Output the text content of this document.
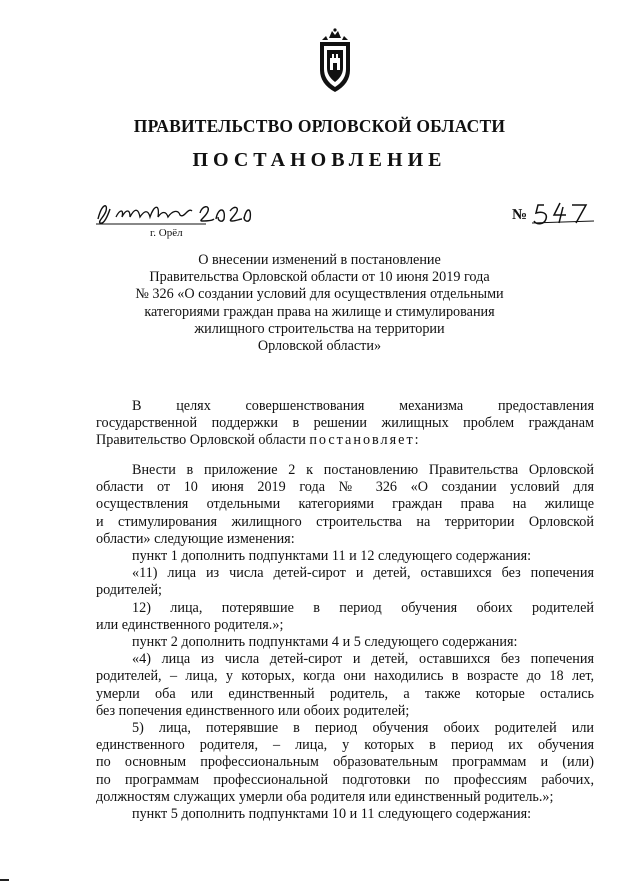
ПРАВИТЕЛЬСТВО ОРЛОВСКОЙ ОБЛАСТИ
ПОСТАНОВЛЕНИЕ
г. Орёл
№
О внесении изменений в постановление
Правительства Орловской области от 10 июня 2019 года
№ 326 «О создании условий для осуществления отдельными
категориями граждан права на жилище и стимулирования
жилищного строительства на территории
Орловской области»
В целях совершенствования механизма предоставления
государственной поддержки в решении жилищных проблем гражданам
Правительство Орловской области постановляет:
Внести в приложение 2 к постановлению Правительства Орловской
области от 10 июня 2019 года № 326 «О создании условий для
осуществления отдельными категориями граждан права на жилище
и стимулирования жилищного строительства на территории Орловской
области» следующие изменения:
пункт 1 дополнить подпунктами 11 и 12 следующего содержания:
«11) лица из числа детей-сирот и детей, оставшихся без попечения
родителей;
12) лица, потерявшие в период обучения обоих родителей
или единственного родителя.»;
пункт 2 дополнить подпунктами 4 и 5 следующего содержания:
«4) лица из числа детей-сирот и детей, оставшихся без попечения
родителей, – лица, у которых, когда они находились в возрасте до 18 лет,
умерли оба или единственный родитель, а также которые остались
без попечения единственного или обоих родителей;
5) лица, потерявшие в период обучения обоих родителей или
единственного родителя, – лица, у которых в период их обучения
по основным профессиональным образовательным программам и (или)
по программам профессиональной подготовки по профессиям рабочих,
должностям служащих умерли оба родителя или единственный родитель.»;
пункт 5 дополнить подпунктами 10 и 11 следующего содержания:
